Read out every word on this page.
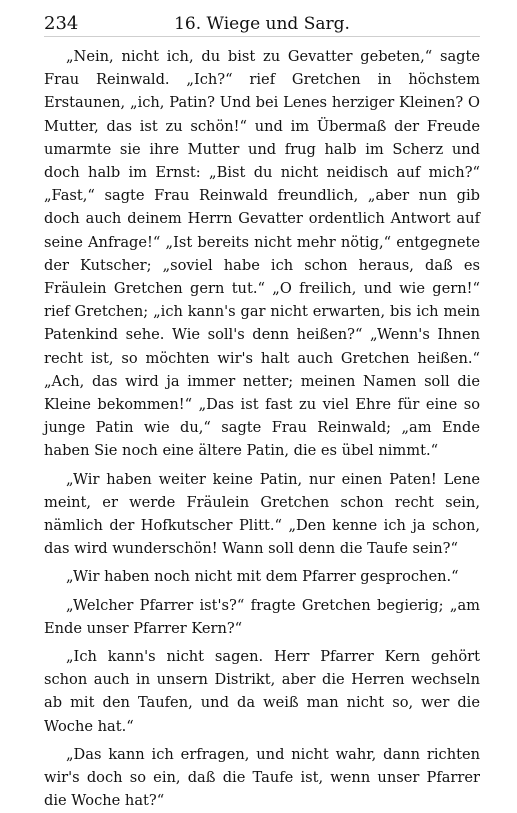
234	16. Wiege und Sarg.

„Nein, nicht ich, du bist zu Gevatter gebeten,“ sagte Frau Reinwald. „Ich?“ rief Gretchen in höchstem Erstaunen, „ich, Patin? Und bei Lenes herziger Kleinen? O Mutter, das ist zu schön!“ und im Übermaß der Freude umarmte sie ihre Mutter und frug halb im Scherz und doch halb im Ernst: „Bist du nicht neidisch auf mich?“ „Fast,“ sagte Frau Reinwald freundlich, „aber nun gib doch auch deinem Herrn Gevatter ordentlich Antwort auf seine Anfrage!“ „Ist bereits nicht mehr nötig,“ entgegnete der Kutscher; „soviel habe ich schon heraus, daß es Fräulein Gretchen gern tut.“ „O freilich, und wie gern!“ rief Gretchen; „ich kann's gar nicht erwarten, bis ich mein Patenkind sehe. Wie soll's denn heißen?“ „Wenn's Ihnen recht ist, so möchten wir's halt auch Gretchen heißen.“ „Ach, das wird ja immer netter; meinen Namen soll die Kleine bekommen!“ „Das ist fast zu viel Ehre für eine so junge Patin wie du,“ sagte Frau Reinwald; „am Ende haben Sie noch eine ältere Patin, die es übel nimmt.“

„Wir haben weiter keine Patin, nur einen Paten! Lene meint, er werde Fräulein Gretchen schon recht sein, nämlich der Hofkutscher Plitt.“ „Den kenne ich ja schon, das wird wunderschön! Wann soll denn die Taufe sein?“

„Wir haben noch nicht mit dem Pfarrer gesprochen.“

„Welcher Pfarrer ist's?“ fragte Gretchen begierig; „am Ende unser Pfarrer Kern?“

„Ich kann's nicht sagen. Herr Pfarrer Kern gehört schon auch in unsern Distrikt, aber die Herren wechseln ab mit den Taufen, und da weiß man nicht so, wer die Woche hat.“

„Das kann ich erfragen, und nicht wahr, dann richten wir's doch so ein, daß die Taufe ist, wenn unser Pfarrer die Woche hat?“
